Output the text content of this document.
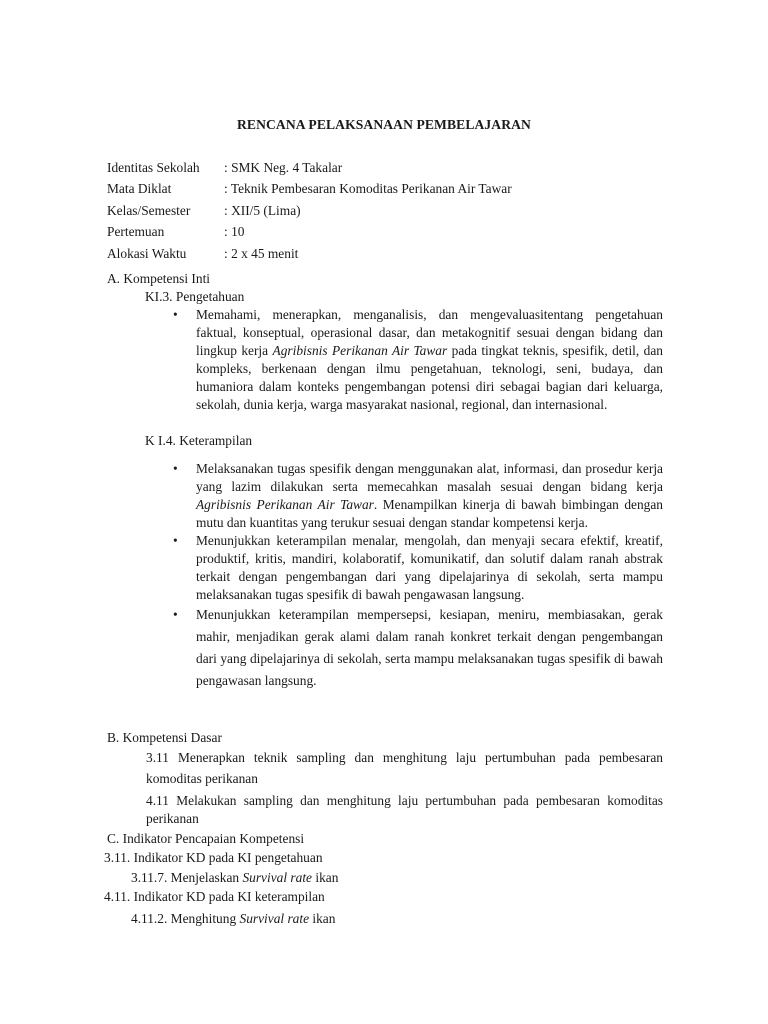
RENCANA PELAKSANAAN PEMBELAJARAN
Identitas Sekolah	: SMK Neg. 4 Takalar
Mata Diklat	: Teknik Pembesaran Komoditas Perikanan Air Tawar
Kelas/Semester	: XII/5 (Lima)
Pertemuan	: 10
Alokasi Waktu	: 2 x 45 menit
A. Kompetensi Inti
KI.3. Pengetahuan
• Memahami, menerapkan, menganalisis, dan mengevaluasitentang pengetahuan faktual, konseptual, operasional dasar, dan metakognitif sesuai dengan bidang dan lingkup kerja Agribisnis Perikanan Air Tawar pada tingkat teknis, spesifik, detil, dan kompleks, berkenaan dengan ilmu pengetahuan, teknologi, seni, budaya, dan humaniora dalam konteks pengembangan potensi diri sebagai bagian dari keluarga, sekolah, dunia kerja, warga masyarakat nasional, regional, dan internasional.
K I.4. Keterampilan
• Melaksanakan tugas spesifik dengan menggunakan alat, informasi, dan prosedur kerja yang lazim dilakukan serta memecahkan masalah sesuai dengan bidang kerja Agribisnis Perikanan Air Tawar. Menampilkan kinerja di bawah bimbingan dengan mutu dan kuantitas yang terukur sesuai dengan standar kompetensi kerja.
• Menunjukkan keterampilan menalar, mengolah, dan menyaji secara efektif, kreatif, produktif, kritis, mandiri, kolaboratif, komunikatif, dan solutif dalam ranah abstrak terkait dengan pengembangan dari yang dipelajarinya di sekolah, serta mampu melaksanakan tugas spesifik di bawah pengawasan langsung.
• Menunjukkan keterampilan mempersepsi, kesiapan, meniru, membiasakan, gerak mahir, menjadikan gerak alami dalam ranah konkret terkait dengan pengembangan dari yang dipelajarinya di sekolah, serta mampu melaksanakan tugas spesifik di bawah pengawasan langsung.
B. Kompetensi Dasar
3.11 Menerapkan teknik sampling dan menghitung laju pertumbuhan pada pembesaran komoditas perikanan
4.11 Melakukan sampling dan menghitung laju pertumbuhan pada pembesaran komoditas perikanan
C. Indikator Pencapaian Kompetensi
3.11. Indikator KD pada KI pengetahuan
3.11.7. Menjelaskan Survival rate ikan
4.11. Indikator KD pada KI keterampilan
4.11.2. Menghitung Survival rate ikan
